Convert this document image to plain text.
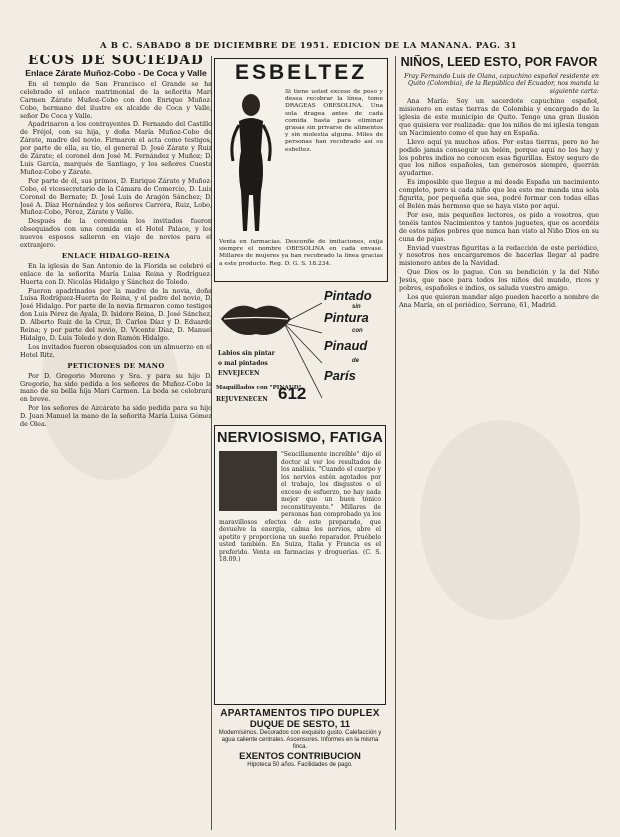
A B C. SABADO 8 DE DICIEMBRE DE 1951. EDICION DE LA MAÑANA. PAG. 31
ECOS DE SOCIEDAD
Enlace Zárate Muñoz-Cobo - De Coca y Valle

En el templo de San Francisco el Grande se ha celebrado el enlace matrimonial de la señorita Mari Carmen Zárate Muñoz-Cobo con don Enrique Muñoz-Cobo, hermano del ilustre ex alcalde de Coca y Valle, señor De Coca y Valle.

Apadrinaron a los contrayentes D. Fernando del Castillo de Fréjol, con su hija, y doña María Muñoz-Cobo de Zárate, madre del novio. Firmaron el acta como testigos, por parte de ella, su tío, el general D. José Zárate y Ruiz de Zárate; el coronel don José M. Fernández y Muñoz; D. Luis García, marqués de Santiago, y los señores Cuesta Muñoz-Cobo y Zárate.

Por parte de él, sus primos, D. Enrique Zárate y Muñoz-Cobo, el vicesecretario de la Cámara de Comercio, D. Luis Coronel de Bernate; D. José Luis de Aragón Sánchez; D. José A. Díaz Hernández y los señores Carrera, Ruiz, Lobo, Muñoz-Cobo, Pérez, Zárate y Valle.

Después de la ceremonia los invitados fueron obsequiados con una comida en el Hotel Palace, y los nuevos esposos salieron en viaje de novios para el extranjero.

ENLACE HIDALGO-REINA

En la iglesia de San Antonio de la Florida se celebró el enlace de la señorita María Luisa Reina y Rodríguez-Huerta con D. Nicolás Hidalgo y Sánchez de Toledo.

Fueron apadrinados por la madre de la novia, doña Luisa Rodríguez-Huerta de Reina, y el padre del novio, D. José Hidalgo. Por parte de la novia firmaron como testigos don Luis Pérez de Ayala, D. Isidoro Reina, D. José Sánchez, D. Alberto Ruiz de la Cruz, D. Carlos Díaz y D. Eduardo Reina; y por parte del novio, D. Vicente Díaz, D. Manuel Hidalgo, D. Luis Toledo y don Ramón Hidalgo.

Los invitados fueron obsequiados con un almuerzo en el Hotel Ritz.

PETICIONES DE MANO

Por D. Gregorio Moreno y Sra. y para su hijo D. Gregorio, ha sido pedida a los señores de Muñoz-Cobo la mano de su bella hija Mari Carmen. La boda se celebrará en breve.

Por los señores de Azcárate ha sido pedida para su hijo D. Juan Manuel la mano de la señorita María Luisa Gómez de Olea.

ESBELTEZ
Si tiene usted exceso de peso y desea recobrar la línea, tome DRAGEAS OBESOLINA. Una sola dragea antes de cada comida basta para eliminar grasas sin privarse de alimentos y sin molestia alguna. Miles de personas han recobrado así su esbeltez.
Venta en farmacias. Desconfíe de imitaciones, exija siempre el nombre OBESOLINA en cada envase. Millares de mujeres ya han recobrado la línea gracias a este producto. Reg. D. G. S. 18.234.
Pintado
sin
Pintura
con
Pinaud
de
París
Labios sin pintar
o mal pintados
ENVEJECEN
Maquillados con "PINAUD"
REJUVENECEN 612
NERVIOSISMO, FATIGA
"Sencillamente increíble" dijo el doctor al ver los resultados de los análisis. "Cuando el cuerpo y los nervios estén agotados por el trabajo, los disgustos o el exceso de esfuerzo, no hay nada mejor que un buen tónico reconstituyente." Millares de personas han comprobado ya los maravillosos efectos de este preparado, que devuelve la energía, calma los nervios, abre el apetito y proporciona un sueño reparador. Pruébelo usted también. En Suiza, Italia y Francia es el preferido. Venta en farmacias y droguerías. (C. S. 18.09.)
APARTAMENTOS TIPO DUPLEX
DUQUE DE SESTO, 11
Modernísimos. Decorados con exquisito gusto. Calefacción y agua caliente centrales. Ascensores. Informes en la misma finca.
EXENTOS CONTRIBUCION
Hipoteca 50 años. Facilidades de pago.
NIÑOS, LEED ESTO, POR FAVOR
Fray Fernando Luis de Olana, capuchino español residente en Quito (Colombia), de la República del Ecuador, nos manda la siguiente carta:

Ana María: Soy un sacerdote capuchino español, misionero en estas tierras de Colombia y encargado de la iglesia de este municipio de Quito. Tengo una gran ilusión que quisiera ver realizada: que los niños de mi iglesia tengan un Nacimiento como el que hay en España.

Llevo aquí ya muchos años. Por estas tierras, pero no he podido jamás conseguir un belén, porque aquí no los hay y los pobres indios no conocen esas figurillas. Estoy seguro de que los niños españoles, tan generosos siempre, querrán ayudarme.

Es imposible que llegue a mí desde España un nacimiento completo, pero si cada niño que lea esto me manda una sola figurita, por pequeña que sea, podré formar con todas ellas el Belén más hermoso que se haya visto por aquí.

Por eso, mis pequeños lectores, os pido a vosotros, que tenéis tantos Nacimientos y tantos juguetes, que os acordéis de estos niños pobres que nunca han visto al Niño Dios en su cuna de pajas.

Enviad vuestras figuritas a la redacción de este periódico, y nosotros nos encargaremos de hacerlas llegar al padre misionero antes de la Navidad.

Que Dios os lo pague. Con su bendición y la del Niño Jesús, que nace para todos los niños del mundo, ricos y pobres, españoles e indios, os saluda vuestro amigo.

Los que quieran mandar algo pueden hacerlo a nombre de Ana María, en el periódico, Serrano, 61, Madrid.
